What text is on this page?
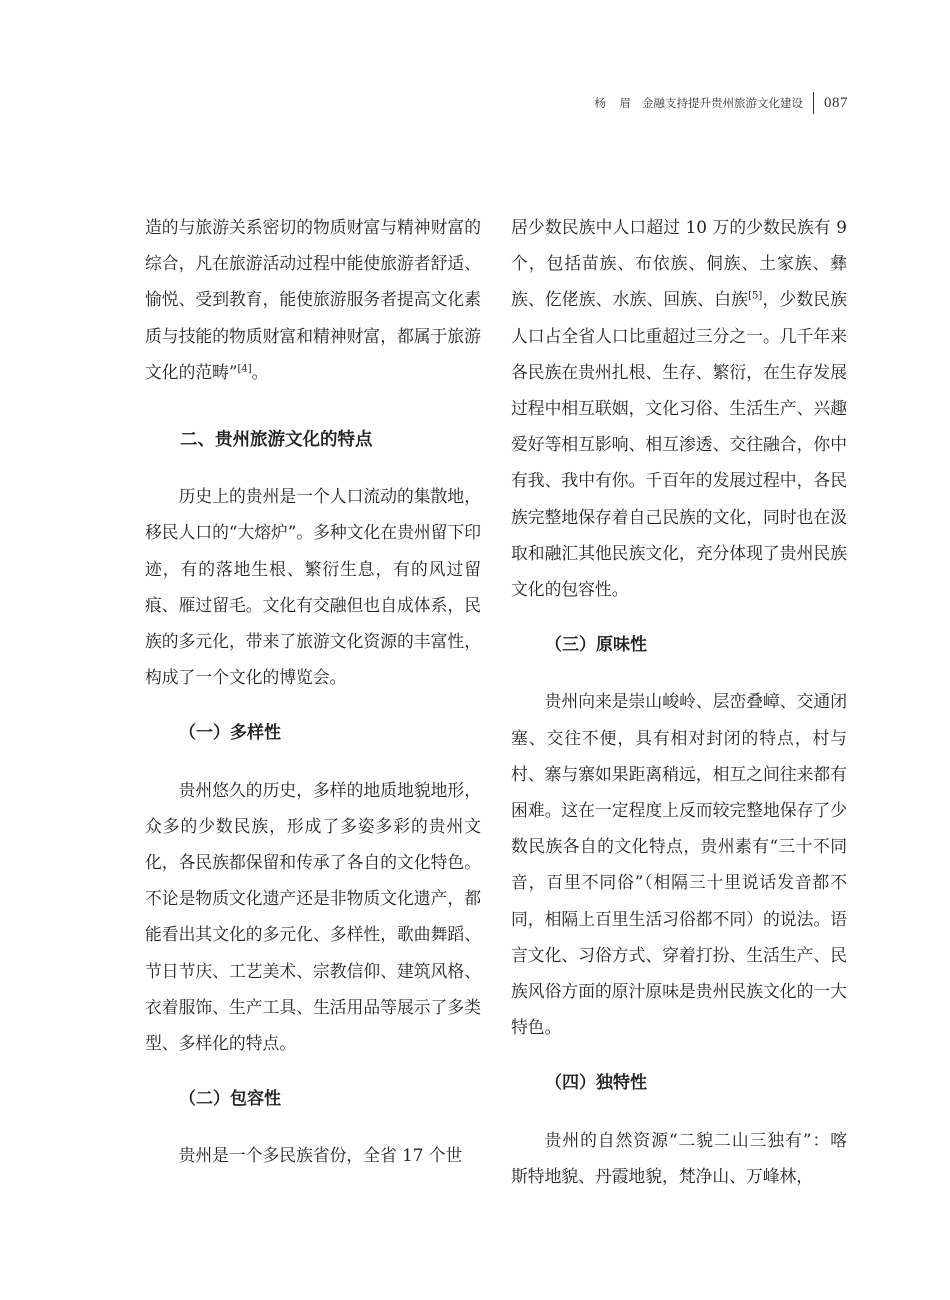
杨　眉 金融支持提升贵州旅游文化建设 087

造的与旅游关系密切的物质财富与精神财富的综合，凡在旅游活动过程中能使旅游者舒适、愉悦、受到教育，能使旅游服务者提高文化素质与技能的物质财富和精神财富，都属于旅游文化的范畴”[4]。

二、贵州旅游文化的特点

历史上的贵州是一个人口流动的集散地，移民人口的“大熔炉”。多种文化在贵州留下印迹，有的落地生根、繁衍生息，有的风过留痕、雁过留毛。文化有交融但也自成体系，民族的多元化，带来了旅游文化资源的丰富性，构成了一个文化的博览会。

（一）多样性

贵州悠久的历史，多样的地质地貌地形，众多的少数民族，形成了多姿多彩的贵州文化，各民族都保留和传承了各自的文化特色。不论是物质文化遗产还是非物质文化遗产，都能看出其文化的多元化、多样性，歌曲舞蹈、节日节庆、工艺美术、宗教信仰、建筑风格、衣着服饰、生产工具、生活用品等展示了多类型、多样化的特点。

（二）包容性

贵州是一个多民族省份，全省 17 个世

居少数民族中人口超过 10 万的少数民族有 9 个，包括苗族、布依族、侗族、土家族、彝族、仡佬族、水族、回族、白族[5]，少数民族人口占全省人口比重超过三分之一。几千年来各民族在贵州扎根、生存、繁衍，在生存发展过程中相互联姻，文化习俗、生活生产、兴趣爱好等相互影响、相互渗透、交往融合，你中有我、我中有你。千百年的发展过程中，各民族完整地保存着自己民族的文化，同时也在汲取和融汇其他民族文化，充分体现了贵州民族文化的包容性。

（三）原味性

贵州向来是崇山峻岭、层峦叠嶂、交通闭塞、交往不便，具有相对封闭的特点，村与村、寨与寨如果距离稍远，相互之间往来都有困难。这在一定程度上反而较完整地保存了少数民族各自的文化特点，贵州素有“三十不同音，百里不同俗”（相隔三十里说话发音都不同，相隔上百里生活习俗都不同）的说法。语言文化、习俗方式、穿着打扮、生活生产、民族风俗方面的原汁原味是贵州民族文化的一大特色。

（四）独特性

贵州的自然资源“二貌二山三独有”：喀斯特地貌、丹霞地貌，梵净山、万峰林，
